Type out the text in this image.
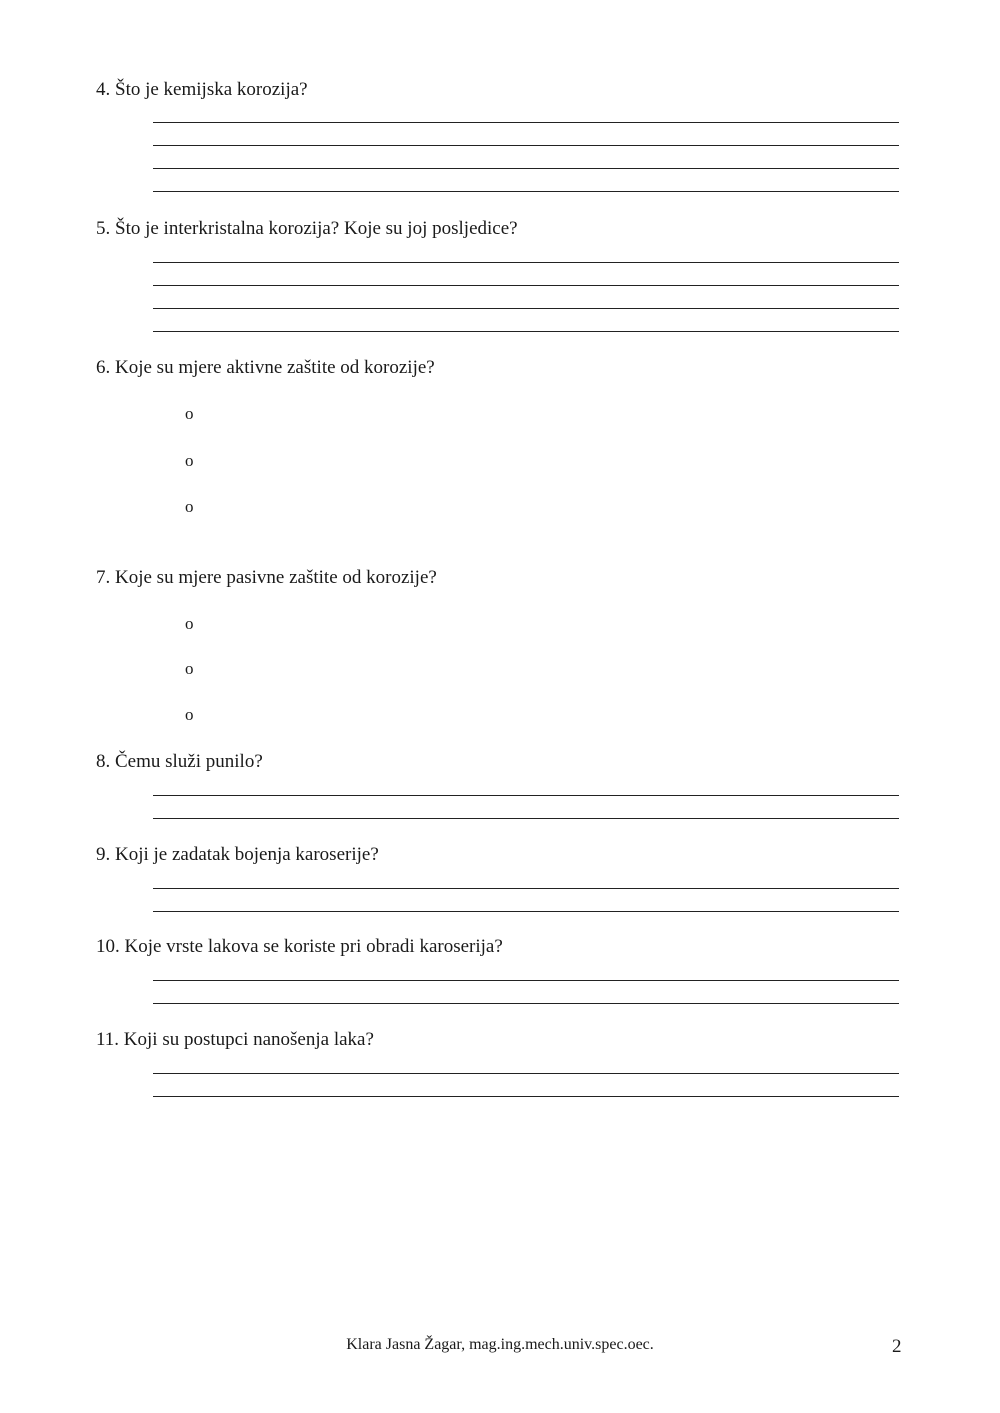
4. Što je kemijska korozija?
5. Što je interkristalna korozija? Koje su joj posljedice?
6. Koje su mjere aktivne zaštite od korozije?
o
o
o
7. Koje su mjere pasivne zaštite od korozije?
o
o
o
8. Čemu služi punilo?
9. Koji je zadatak bojenja karoserije?
10. Koje vrste lakova se koriste pri obradi karoserija?
11. Koji su postupci nanošenja laka?
Klara Jasna Žagar, mag.ing.mech.univ.spec.oec.	2
